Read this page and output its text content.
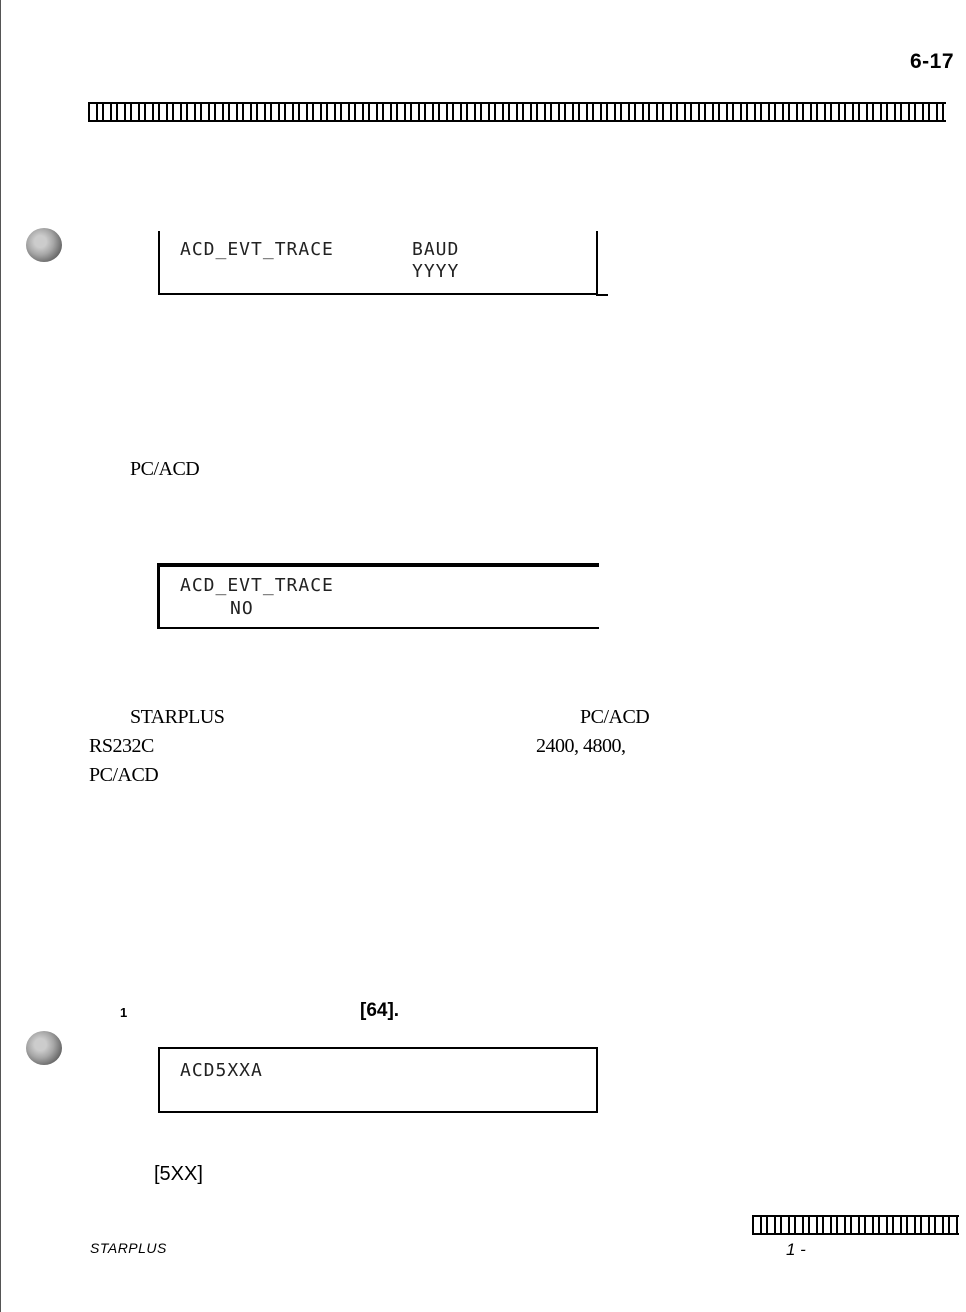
6-17
ACD_EVT_TRACE	BAUD
YYYY
PC/ACD
ACD_EVT_TRACE
NO
STARPLUS	PC/ACD
RS232C	2400, 4800,
PC/ACD
1	[64].
ACD5XXA
[5XX]
STARPLUS	1 -
